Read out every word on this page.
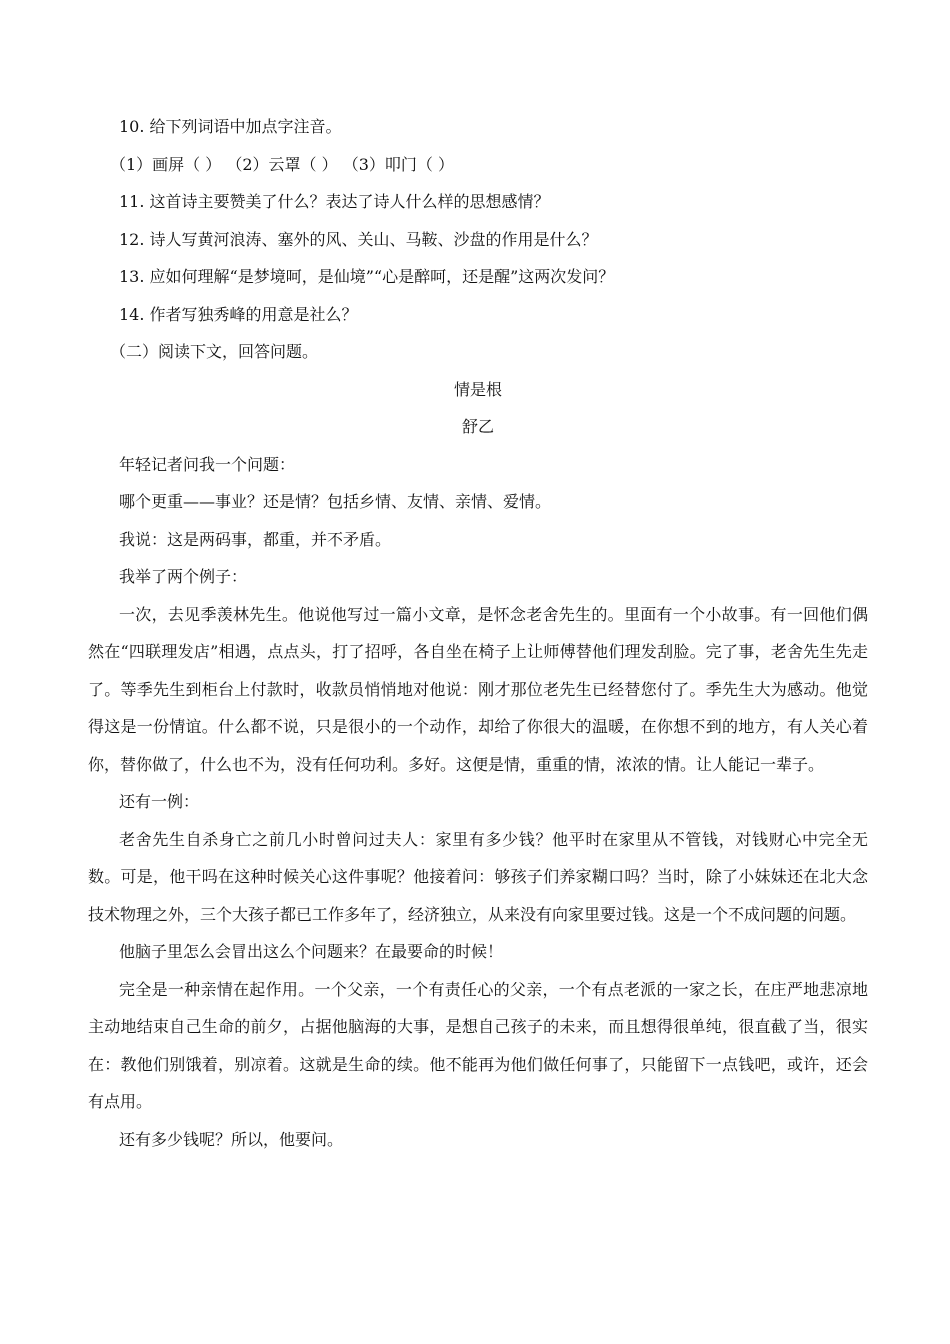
10. 给下列词语中加点字注音。

（1）画屏（ ） （2）云罩（ ） （3）叩门（ ）

11. 这首诗主要赞美了什么？表达了诗人什么样的思想感情？

12. 诗人写黄河浪涛、塞外的风、关山、马鞍、沙盘的作用是什么？

13. 应如何理解“是梦境呵，是仙境”“心是醉呵，还是醒”这两次发问？

14. 作者写独秀峰的用意是社么？

（二）阅读下文，回答问题。

情是根

舒乙

年轻记者问我一个问题：

哪个更重——事业？还是情？包括乡情、友情、亲情、爱情。

我说：这是两码事，都重，并不矛盾。

我举了两个例子：

一次，去见季羡林先生。他说他写过一篇小文章，是怀念老舍先生的。里面有一个小故事。有一回他们偶然在“四联理发店”相遇，点点头，打了招呼，各自坐在椅子上让师傅替他们理发刮脸。完了事，老舍先生先走了。等季先生到柜台上付款时，收款员悄悄地对他说：刚才那位老先生已经替您付了。季先生大为感动。他觉得这是一份情谊。什么都不说，只是很小的一个动作，却给了你很大的温暖，在你想不到的地方，有人关心着你，替你做了，什么也不为，没有任何功利。多好。这便是情，重重的情，浓浓的情。让人能记一辈子。

还有一例：

老舍先生自杀身亡之前几小时曾问过夫人：家里有多少钱？他平时在家里从不管钱，对钱财心中完全无数。可是，他干吗在这种时候关心这件事呢？他接着问：够孩子们养家糊口吗？当时，除了小妹妹还在北大念技术物理之外，三个大孩子都已工作多年了，经济独立，从来没有向家里要过钱。这是一个不成问题的问题。

他脑子里怎么会冒出这么个问题来？在最要命的时候！

完全是一种亲情在起作用。一个父亲，一个有责任心的父亲，一个有点老派的一家之长，在庄严地悲凉地主动地结束自己生命的前夕，占据他脑海的大事，是想自己孩子的未来，而且想得很单纯，很直截了当，很实在：教他们别饿着，别凉着。这就是生命的续。他不能再为他们做任何事了，只能留下一点钱吧，或许，还会有点用。

还有多少钱呢？所以，他要问。
